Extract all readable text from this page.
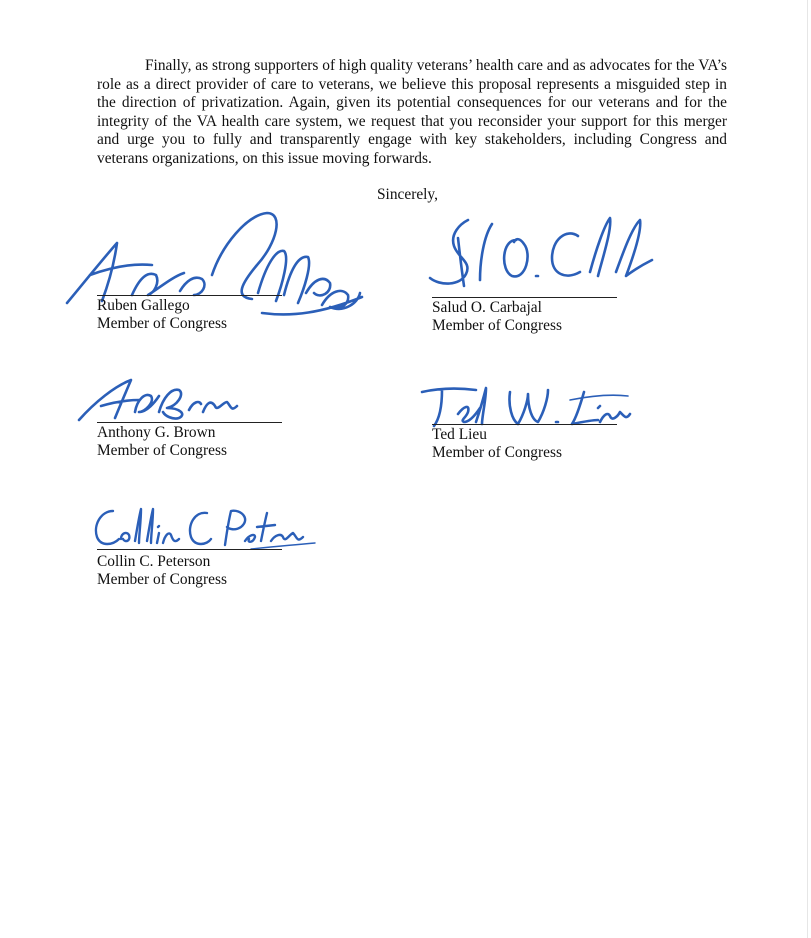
Finally, as strong supporters of high quality veterans’ health care and as advocates for the VA’s role as a direct provider of care to veterans, we believe this proposal represents a misguided step in the direction of privatization. Again, given its potential consequences for our veterans and for the integrity of the VA health care system, we request that you reconsider your support for this merger and urge you to fully and transparently engage with key stakeholders, including Congress and veterans organizations, on this issue moving forwards.

Sincerely,

Ruben Gallego

Member of Congress

Salud O. Carbajal

Member of Congress

Anthony G. Brown

Member of Congress

Ted Lieu

Member of Congress

Collin C. Peterson

Member of Congress
